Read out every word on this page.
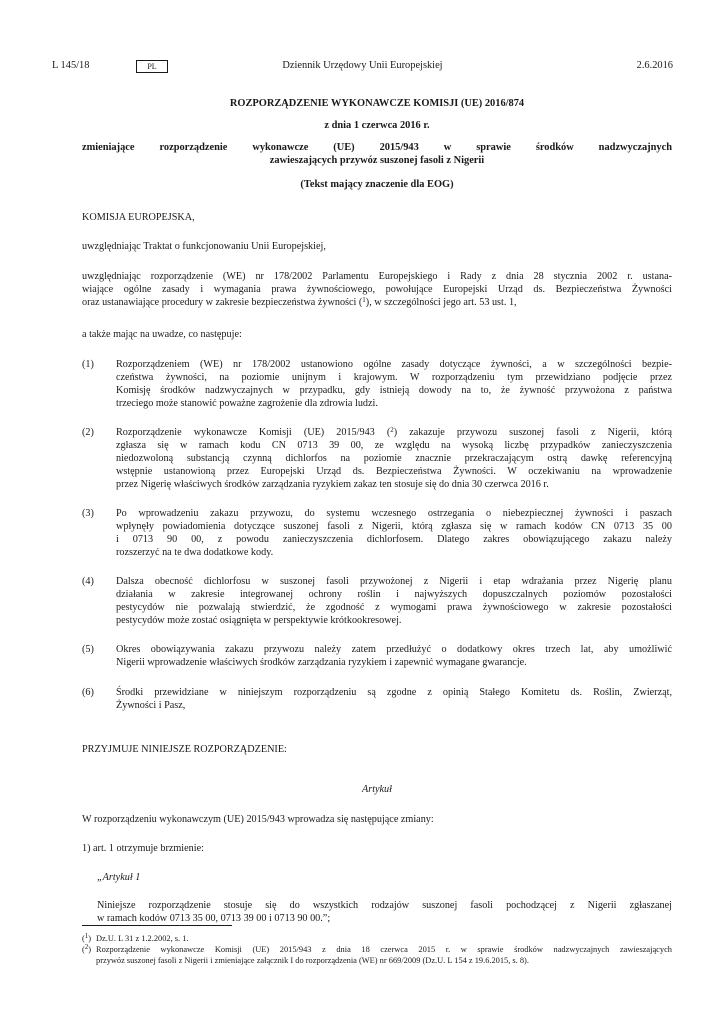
L 145/18	PL	Dziennik Urzędowy Unii Europejskiej	2.6.2016
ROZPORZĄDZENIE WYKONAWCZE KOMISJI (UE) 2016/874
z dnia 1 czerwca 2016 r.
zmieniające rozporządzenie wykonawcze (UE) 2015/943 w sprawie środków nadzwyczajnych
zawieszających przywóz suszonej fasoli z Nigerii
(Tekst mający znaczenie dla EOG)
KOMISJA EUROPEJSKA,
uwzględniając Traktat o funkcjonowaniu Unii Europejskiej,
uwzględniając rozporządzenie (WE) nr 178/2002 Parlamentu Europejskiego i Rady z dnia 28 stycznia 2002 r. ustana-
wiające ogólne zasady i wymagania prawa żywnościowego, powołujące Europejski Urząd ds. Bezpieczeństwa Żywności
oraz ustanawiające procedury w zakresie bezpieczeństwa żywności ($^1$), w szczególności jego art. 53 ust. 1,
a także mając na uwadze, co następuje:
(1) Rozporządzeniem (WE) nr 178/2002 ustanowiono ogólne zasady dotyczące żywności, a w szczególności bezpie-
czeństwa żywności, na poziomie unijnym i krajowym. W rozporządzeniu tym przewidziano podjęcie przez
Komisję środków nadzwyczajnych w przypadku, gdy istnieją dowody na to, że żywność przywożona z państwa
trzeciego może stanowić poważne zagrożenie dla zdrowia ludzi.
(2) Rozporządzenie wykonawcze Komisji (UE) 2015/943 ($^2$) zakazuje przywozu suszonej fasoli z Nigerii, którą
zgłasza się w ramach kodu CN 0713 39 00, ze względu na wysoką liczbę przypadków zanieczyszczenia
niedozwoloną substancją czynną dichlorfos na poziomie znacznie przekraczającym ostrą dawkę referencyjną
wstępnie ustanowioną przez Europejski Urząd ds. Bezpieczeństwa Żywności. W oczekiwaniu na wprowadzenie
przez Nigerię właściwych środków zarządzania ryzykiem zakaz ten stosuje się do dnia 30 czerwca 2016 r.
(3) Po wprowadzeniu zakazu przywozu, do systemu wczesnego ostrzegania o niebezpiecznej żywności i paszach
wpłynęły powiadomienia dotyczące suszonej fasoli z Nigerii, którą zgłasza się w ramach kodów CN 0713 35 00
i 0713 90 00, z powodu zanieczyszczenia dichlorfosem. Dlatego zakres obowiązującego zakazu należy
rozszerzyć na te dwa dodatkowe kody.
(4) Dalsza obecność dichlorfosu w suszonej fasoli przywożonej z Nigerii i etap wdrażania przez Nigerię planu
działania w zakresie integrowanej ochrony roślin i najwyższych dopuszczalnych poziomów pozostałości
pestycydów nie pozwalają stwierdzić, że zgodność z wymogami prawa żywnościowego w zakresie pozostałości
pestycydów może zostać osiągnięta w perspektywie krótkookresowej.
(5) Okres obowiązywania zakazu przywozu należy zatem przedłużyć o dodatkowy okres trzech lat, aby umożliwić
Nigerii wprowadzenie właściwych środków zarządzania ryzykiem i zapewnić wymagane gwarancje.
(6) Środki przewidziane w niniejszym rozporządzeniu są zgodne z opinią Stałego Komitetu ds. Roślin, Zwierząt,
Żywności i Pasz,
PRZYJMUJE NINIEJSZE ROZPORZĄDZENIE:
Artykuł
W rozporządzeniu wykonawczym (UE) 2015/943 wprowadza się następujące zmiany:
1) art. 1 otrzymuje brzmienie:
„Artykuł 1
Niniejsze rozporządzenie stosuje się do wszystkich rodzajów suszonej fasoli pochodzącej z Nigerii zgłaszanej
w ramach kodów 0713 35 00, 0713 39 00 i 0713 90 00.”;
($^1$) Dz.U. L 31 z 1.2.2002, s. 1.
($^2$) Rozporządzenie wykonawcze Komisji (UE) 2015/943 z dnia 18 czerwca 2015 r. w sprawie środków nadzwyczajnych zawieszających
przywóz suszonej fasoli z Nigerii i zmieniające załącznik I do rozporządzenia (WE) nr 669/2009 (Dz.U. L 154 z 19.6.2015, s. 8).
